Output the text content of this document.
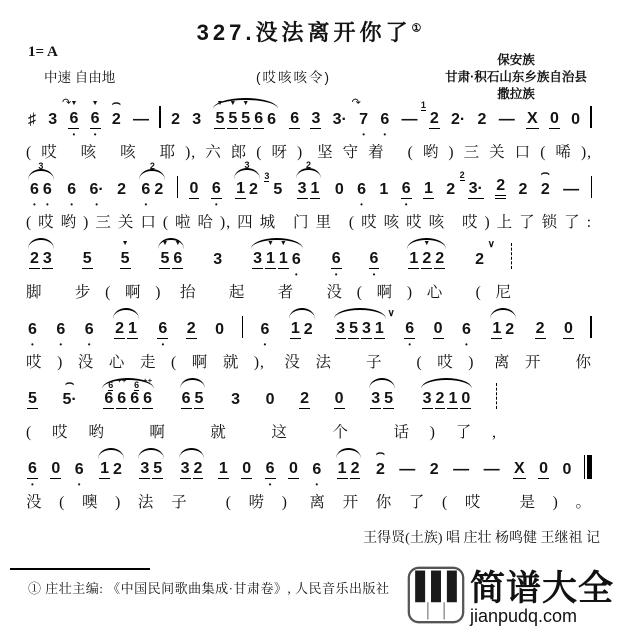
327.没法离开你了①
1= A
中速 自由地	(哎咳咳令)
保安族
甘肃·积石山东乡族自治县
撒拉族
♯ 3
↷
6
▼
•
6
▼
•
2
⌢
— 2 3 5
▼
5
▼
5
▼
6 6 6 3 3·
↷
7
•
6
•
— 2
1
2· 2 — X 0 0
(哎 咳 咳 耶),六郎(呀) 坚守着 (哟)三关口(唏),
3
6
•
6
•
6
•
6·
•
2
2
6
•
2 0 6
•
3
1 2 5
3
2
3 1 0 6
•
1 6
•
1 2 3·
2
2 2 2
⌢
—
(哎哟)三关口(啦哈),四城 门里 (哎咳哎咳 哎)上了锁了:
2 3 5 5
▼
5
▼
6
▼
3 3 1
▼
1
▼
6
•
6
•
6
•
1 2
▼
2 2
∨
脚 步(啊) 抬 起 者 没(啊)心 (尼
6
•
6
•
6
•
2 1 6
•
2 0 6
•
1 2 3 5 3 1
∨
6
•
0 6
•
1 2 2 0
哎)没心走(啊就), 没法 子 (哎) 离开 你
5 5·
⌢
6 6
⁺⁺
6
6 6
⁺⁺
6
6 5 3 0 2 0 3 5 3 2 1 0
(哎哟 啊 就 这 个 话)了,
6
•
0 6
•
1 2 3 5 3 2 1 0 6
•
0 6
•
1 2 2
⌢
— 2 — — X 0 0
没(噢)法子 (唠) 离开你了(哎 是)。
王得贤(土族) 唱 庄壮 杨鸣健 王继祖 记
① 庄壮主编: 《中国民间歌曲集成·甘肃卷》, 人民音乐出版社 简谱大全
jianpudq.com
